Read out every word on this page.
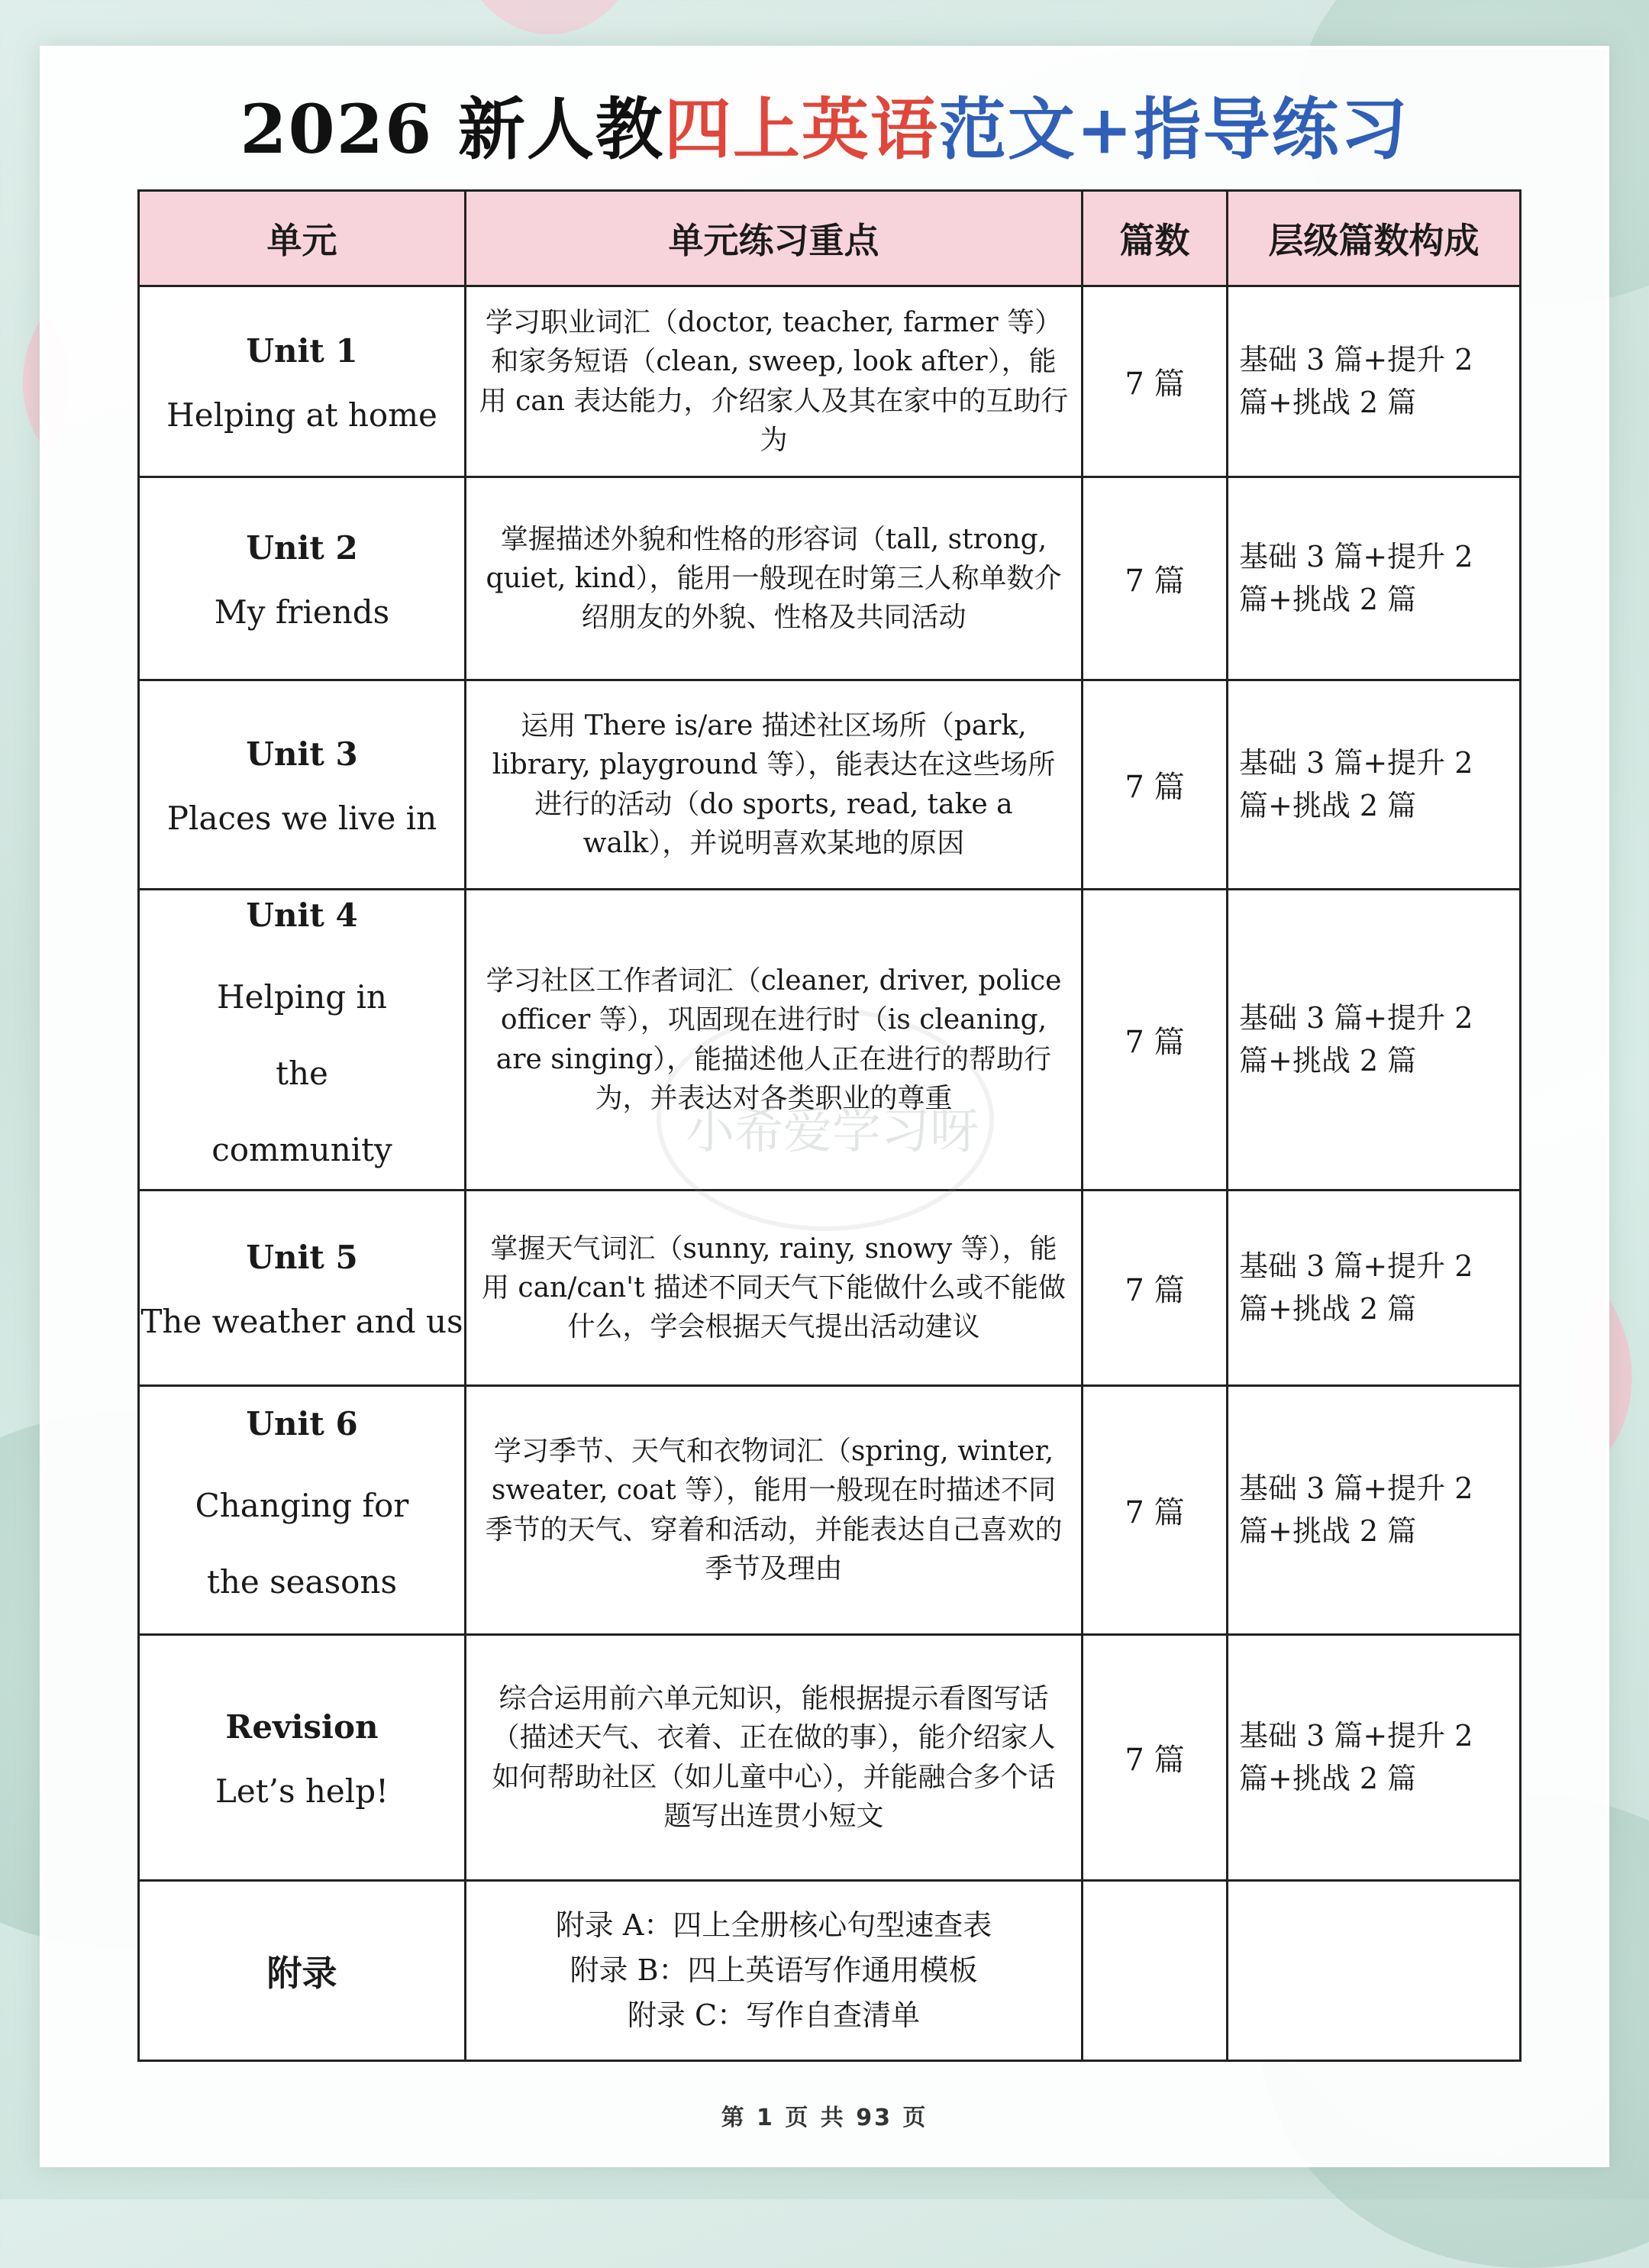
2026 新人教四上英语范文+指导练习
单元	单元练习重点	篇数	层级篇数构成

Unit 1
Helping at home	学习职业词汇（doctor, teacher, farmer 等）和家务短语（clean, sweep, look after），能用 can 表达能力，介绍家人及其在家中的互助行为	7 篇	基础 3 篇+提升 2 篇+挑战 2 篇

Unit 2
My friends	掌握描述外貌和性格的形容词（tall, strong, quiet, kind），能用一般现在时第三人称单数介绍朋友的外貌、性格及共同活动	7 篇	基础 3 篇+提升 2 篇+挑战 2 篇

Unit 3
Places we live in	运用 There is/are 描述社区场所（park, library, playground 等），能表达在这些场所进行的活动（do sports, read, take a walk），并说明喜欢某地的原因	7 篇	基础 3 篇+提升 2 篇+挑战 2 篇

Unit 4
Helping in the community	学习社区工作者词汇（cleaner, driver, police officer 等），巩固现在进行时（is cleaning, are singing），能描述他人正在进行的帮助行为，并表达对各类职业的尊重	7 篇	基础 3 篇+提升 2 篇+挑战 2 篇

Unit 5
The weather and us	掌握天气词汇（sunny, rainy, snowy 等），能用 can/can't 描述不同天气下能做什么或不能做什么，学会根据天气提出活动建议	7 篇	基础 3 篇+提升 2 篇+挑战 2 篇

Unit 6
Changing for the seasons	学习季节、天气和衣物词汇（spring, winter, sweater, coat 等），能用一般现在时描述不同季节的天气、穿着和活动，并能表达自己喜欢的季节及理由	7 篇	基础 3 篇+提升 2 篇+挑战 2 篇

Revision
Let’s help!	综合运用前六单元知识，能根据提示看图写话（描述天气、衣着、正在做的事），能介绍家人如何帮助社区（如儿童中心），并能融合多个话题写出连贯小短文	7 篇	基础 3 篇+提升 2 篇+挑战 2 篇
附录	附录 A：四上全册核心句型速查表
附录 B：四上英语写作通用模板
附录 C：写作自查清单		

小希爱学习呀
第 1 页 共 93 页
